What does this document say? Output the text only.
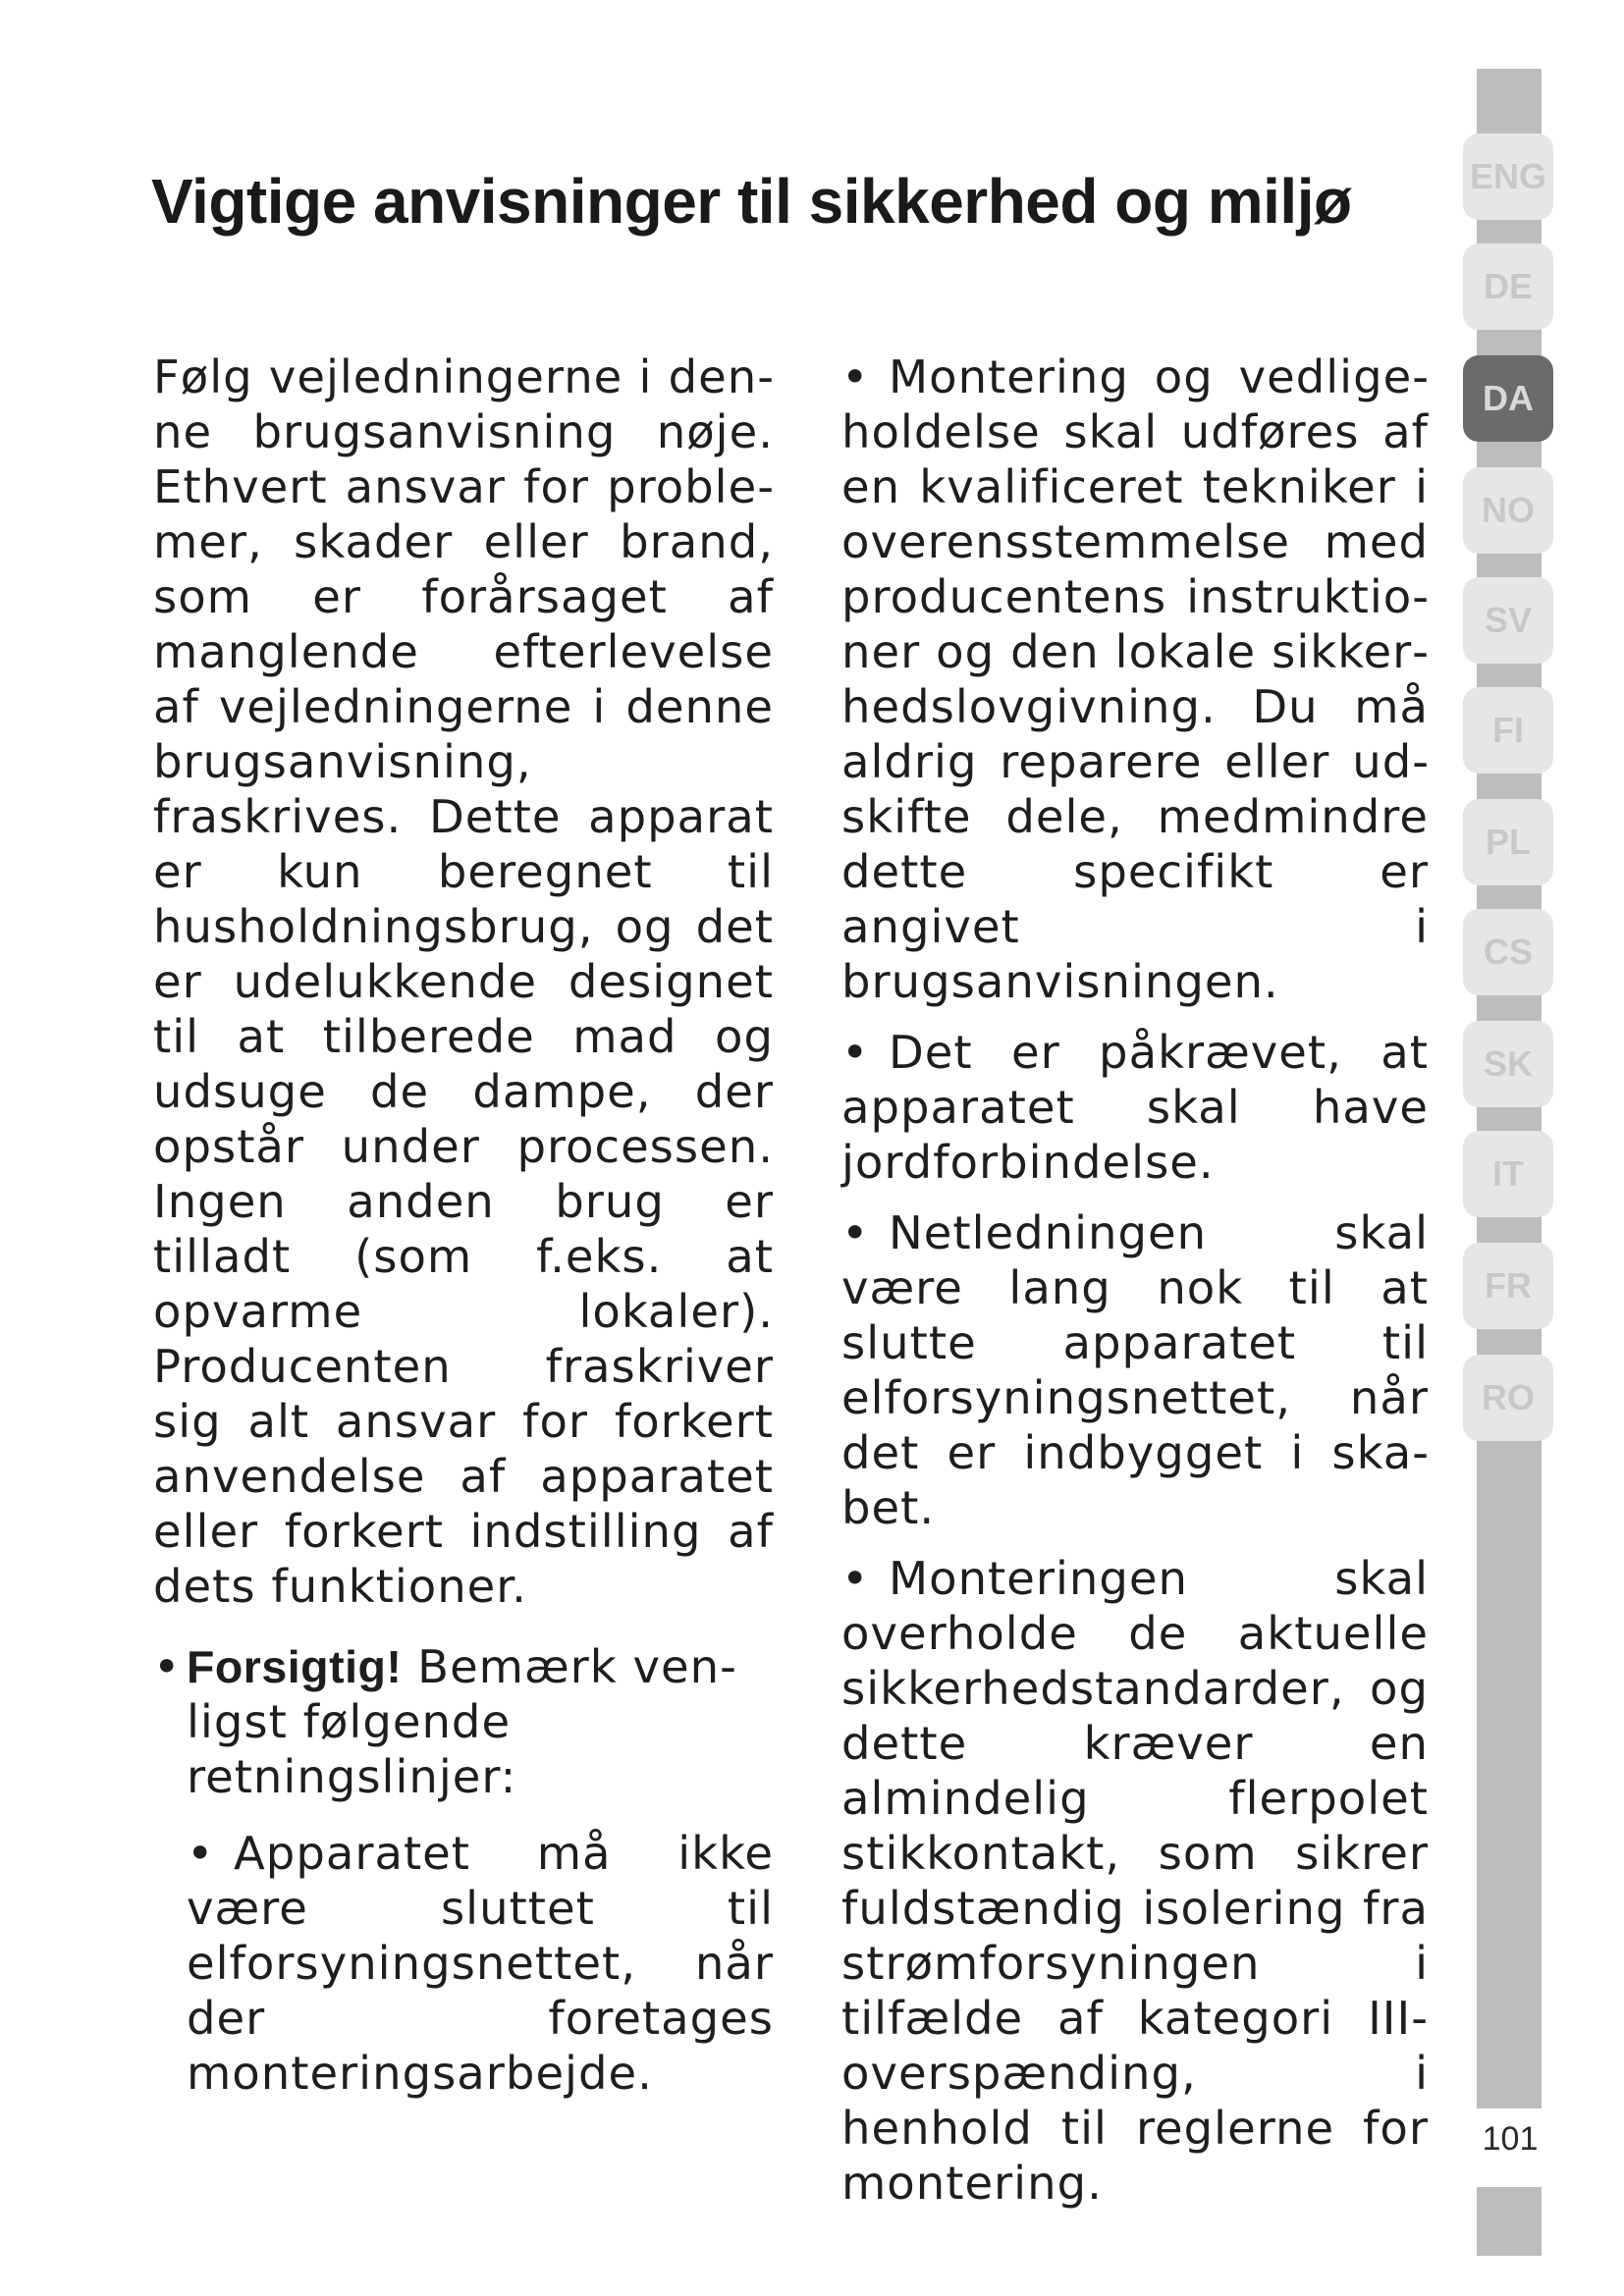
Vigtige anvisninger til sikkerhed og miljø

Følg vejledningerne i denne brugsanvisning nøje. Ethvert ansvar for problemer, skader eller brand, som er forårsaget af manglende efterlevelse af vejledningerne i denne brugsanvisning, fraskrives. Dette apparat er kun beregnet til husholdningsbrug, og det er udelukkende designet til at tilberede mad og udsuge de dampe, der opstår under processen. Ingen anden brug er tilladt (som f.eks. at opvarme lokaler). Producenten fraskriver sig alt ansvar for forkert anvendelse af apparatet eller forkert indstilling af dets funktioner.

• Forsigtig! Bemærk venligst følgende retningslinjer:

• Apparatet må ikke være sluttet til elforsyningsnettet, når der foretages monteringsarbejde.

• Montering og vedligeholdelse skal udføres af en kvalificeret tekniker i overensstemmelse med producentens instruktioner og den lokale sikkerhedslovgivning. Du må aldrig reparere eller udskifte dele, medmindre dette specifikt er angivet i brugsanvisningen.

• Det er påkrævet, at apparatet skal have jordforbindelse.

• Netledningen skal være lang nok til at slutte apparatet til elforsyningsnettet, når det er indbygget i skabet.

• Monteringen skal overholde de aktuelle sikkerhedstandarder, og dette kræver en almindelig flerpolet stikkontakt, som sikrer fuldstændig isolering fra strømforsyningen i tilfælde af kategori III-overspænding, i henhold til reglerne for montering.

ENG
DE
DA
NO
SV
FI
PL
CS
SK
IT
FR
RO
101
